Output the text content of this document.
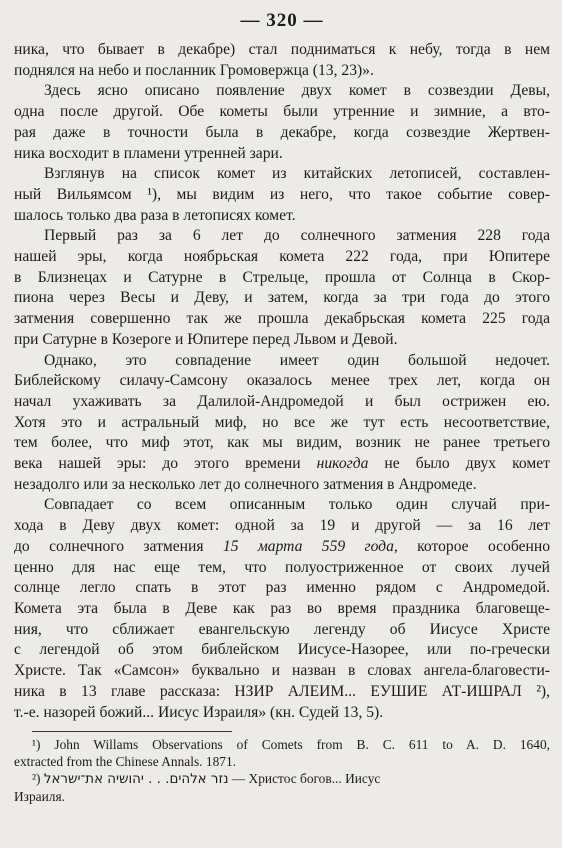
— 320 —
ника, что бывает в декабре) стал подниматься к небу, тогда в нем
поднялся на небо и посланник Громовержца (13, 23)».
Здесь ясно описано появление двух комет в созвездии Девы,
одна после другой. Обе кометы были утренние и зимние, а вто-
рая даже в точности была в декабре, когда созвездие Жертвен-
ника восходит в пламени утренней зари.
Взглянув на список комет из китайских летописей, составлен-
ный Вильямсом ¹), мы видим из него, что такое событие совер-
шалось только два раза в летописях комет.
Первый раз за 6 лет до солнечного затмения 228 года
нашей эры, когда ноябрьская комета 222 года, при Юпитере
в Близнецах и Сатурне в Стрельце, прошла от Солнца в Скор-
пиона через Весы и Деву, и затем, когда за три года до этого
затмения совершенно так же прошла декабрьская комета 225 года
при Сатурне в Козероге и Юпитере перед Львом и Девой.
Однако, это совпадение имеет один большой недочет.
Библейскому силачу-Самсону оказалось менее трех лет, когда он
начал ухаживать за Далилой-Андромедой и был острижен ею.
Хотя это и астральный миф, но все же тут есть несоответствие,
тем более, что миф этот, как мы видим, возник не ранее третьего
века нашей эры: до этого времени никогда не было двух комет
незадолго или за несколько лет до солнечного затмения в Андромеде.
Совпадает со всем описанным только один случай при-
хода в Деву двух комет: одной за 19 и другой — за 16 лет
до солнечного затмения 15 марта 559 года, которое особенно
ценно для нас еще тем, что полуостриженное от своих лучей
солнце легло спать в этот раз именно рядом с Андромедой.
Комета эта была в Деве как раз во время праздника благовеще-
ния, что сближает евангельскую легенду об Иисусе Христе
с легендой об этом библейском Иисусе-Назорее, или по-гречески
Христе. Так «Самсон» буквально и назван в словах ангела-благовести-
ника в 13 главе рассказа: НЗИР АЛЕИМ... ЕУШИЕ АТ-ИШРАЛ ²),
т.-е. назорей божий... Иисус Израиля» (кн. Судей 13, 5).
¹) John Willams Observations of Comets from B. C. 611 to A. D. 1640,
extracted from the Chinese Annals. 1871.
²) נזר אלהים. . . יהושיה את־ישראל — Христос богов... Иисус
Израиля.
